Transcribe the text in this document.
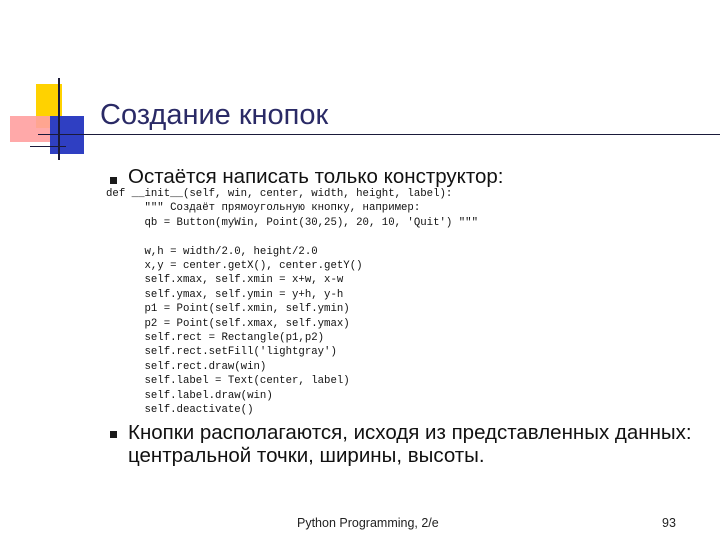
Создание кнопок
Остаётся написать только конструктор:
def __init__(self, win, center, width, height, label):
""" Создаёт прямоугольную кнопку, например:
qb = Button(myWin, Point(30,25), 20, 10, 'Quit') """
w,h = width/2.0, height/2.0
x,y = center.getX(), center.getY()
self.xmax, self.xmin = x+w, x-w
self.ymax, self.ymin = y+h, y-h
p1 = Point(self.xmin, self.ymin)
p2 = Point(self.xmax, self.ymax)
self.rect = Rectangle(p1,p2)
self.rect.setFill('lightgray')
self.rect.draw(win)
self.label = Text(center, label)
self.label.draw(win)
self.deactivate()
Кнопки располагаются, исходя из представленных данных: центральной точки, ширины, высоты.
Python Programming, 2/e	93
